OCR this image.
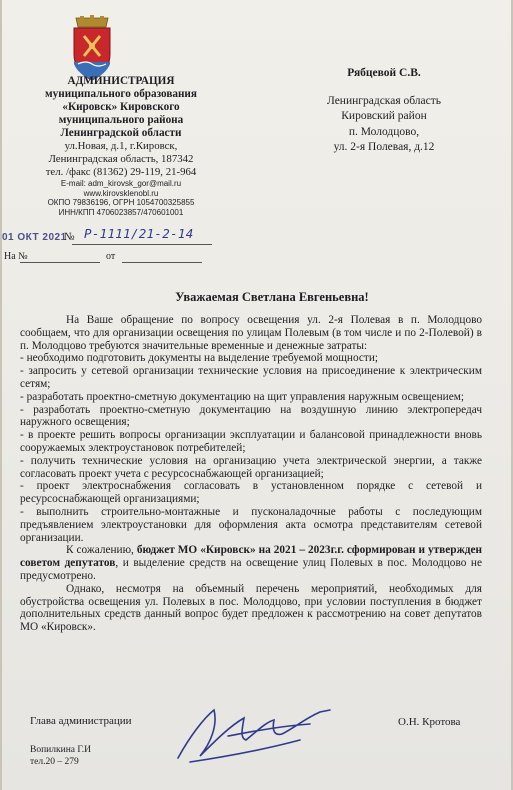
АДМИНИСТРАЦИЯ
муниципального образования
«Кировск» Кировского
муниципального района
Ленинградской области
ул.Новая, д.1, г.Кировск,
Ленинградская область, 187342
тел. /факс (81362) 29-119, 21-964
E-mail: adm_kirovsk_gor@mail.ru
www.kirovsklenobl.ru
ОКПО 79836196, ОГРН 1054700325855
ИНН/КПП 4706023857/470601001
Рябцевой С.В.
Ленинградская область
Кировский район
п. Молодцово,
ул. 2-я Полевая, д.12
01 ОКТ 2021
№ Р-1111/21-2-14
На №	от
Уважаемая Светлана Евгеньевна!

На Ваше обращение по вопросу освещения ул. 2-я Полевая в п. Молодцово сообщаем, что для организации освещения по улицам Полевым (в том числе и по 2-Полевой) в п. Молодцово требуются значительные временные и денежные затраты:

- необходимо подготовить документы на выделение требуемой мощности;

- запросить у сетевой организации технические условия на присоединение к электрическим сетям;

- разработать проектно-сметную документацию на щит управления наружным освещением;

- разработать проектно-сметную документацию на воздушную линию электропередач наружного освещения;

- в проекте решить вопросы организации эксплуатации и балансовой принадлежности вновь сооружаемых электроустановок потребителей;

- получить технические условия на организацию учета электрической энергии, а также согласовать проект учета с ресурсоснабжающей организацией;

- проект электроснабжения согласовать в установленном порядке с сетевой и ресурсоснабжающей организациями;

- выполнить строительно-монтажные и пусконаладочные работы с последующим предъявлением электроустановки для оформления акта осмотра представителям сетевой организации.

К сожалению, бюджет МО «Кировск» на 2021 – 2023г.г. сформирован и утвержден советом депутатов, и выделение средств на освещение улиц Полевых в пос. Молодцово не предусмотрено.

Однако, несмотря на объемный перечень мероприятий, необходимых для обустройства освещения ул. Полевых в пос. Молодцово, при условии поступления в бюджет дополнительных средств данный вопрос будет предложен к рассмотрению на совет депутатов МО «Кировск».

Глава администрации	О.Н. Кротова
Вопилкина Г.И
тел.20 – 279
